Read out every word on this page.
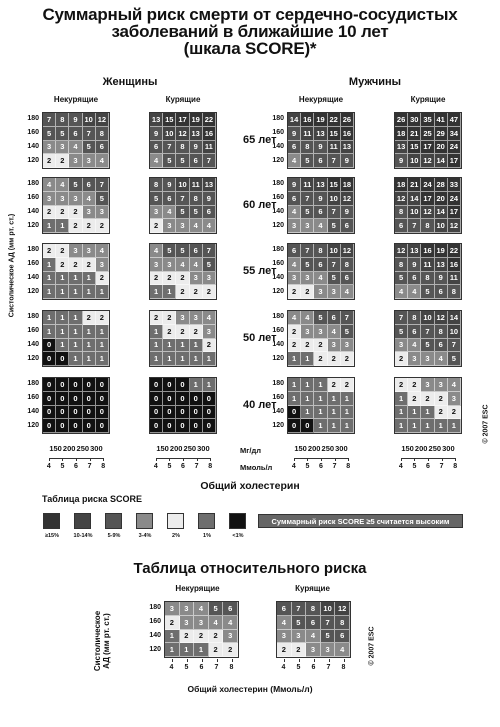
Суммарный риск смерти от сердечно-сосудистых
заболеваний в ближайшие 10 лет
(шкала SCORE)*
Женщины	Мужчины
Некурящие	Курящие	Некурящие	Курящие
Систолическое АД (мм рт. ст.)
© 2007 ESC
7	8	9 10 12
5	5	6	7	8
3	3	4	5	6
2	2	3	3	4
13 15 17 19 22
9 10 12 13 16
6	7	8	9 11
4	5	5	6	7
14 16 19 22 26
9 11 13 15 16
6	8	9 11 13
4	5	6	7	9
26 30 35 41 47
18 21 25 29 34
13 15 17 20 24
9 10 12 14 17
4	4	5	6	7
3	3	3	4	5
2	2	2	3	3
1	1	2	2	2
8	9 10 11 13
5	6	7	8	9
3	4	5	5	6
2	3	3	4	4
9 11 13 15 18
6	7	9 10 12
4	5	6	7	9
3	3	4	5	6
18 21 24 28 33
12 14 17 20 24
8 10 12 14 17
6	7	8 10 12
2	2	3	3	4
1	2	2	2	3
1	1	1	1	2
1	1	1	1	1
4	5	5	6	7
3	3	4	4	5
2	2	2	3	3
1	1	2	2	2
6	7	8 10 12
4	5	6	7	8
3	3	4	5	6
2	2	3	3	4
12 13 16 19 22
8	9 11 13 16
5	6	8	9 11
4	4	5	6	8
1	1	1	2	2
1	1	1	1	1
0	1	1	1	1
0	0	1	1	1
2	2	3	3	4
1	2	2	2	3
1	1	1	1	2
1	1	1	1	1
4	4	5	6	7
2	3	3	4	5
2	2	2	3	3
1	1	2	2	2
7	8 10 12 14
5	6	7	8 10
3	4	5	6	7
2	3	3	4	5
0	0	0	0	0
0	0	0	0	0
0	0	0	0	0
0	0	0	0	0
0	0	0	1	1
0	0	0	0	0
0	0	0	0	0
0	0	0	0	0
1	1	1	2	2
1	1	1	1	1
0	1	1	1	1
0	0	1	1	1
2	2	3	3	4
1	2	2	2	3
1	1	1	2	2
1	1	1	1	1
180
160
140
120
180
160
140
120
65 лет
180
160
140
120
180
160
140
120
60 лет
180
160
140
120
180
160
140
120
55 лет
180
160
140
120
180
160
140
120
50 лет
180
160
140
120
180
160
140
120
40 лет
150 200 250 300
4	5	6	7	8
150 200 250 300
4	5	6	7	8
150 200 250 300
4	5	6	7	8
150 200 250 300
4	5	6	7	8
Мг/дл
Ммоль/л
Общий холестерин
Таблица риска SCORE
≥15%	10-14%	5-9%	3-4%	2%	1%	<1%
Суммарный риск SCORE ≥5 считается высоким
Таблица относительного риска
Некурящие	Курящие
Систолическое АД (мм рт. ст.)	© 2007 ESC
3	3	4	5	6
2	3	3	4	4
1	2	2	2	3
1	1	1	2	2
6	7	8	10 12
4	5	6	7	8
3	3	4	5	6
2	2	3	3	4
180
160
140
120
4	5	6	7	8	4	5	6	7	8
Общий холестерин (Ммоль/л)
